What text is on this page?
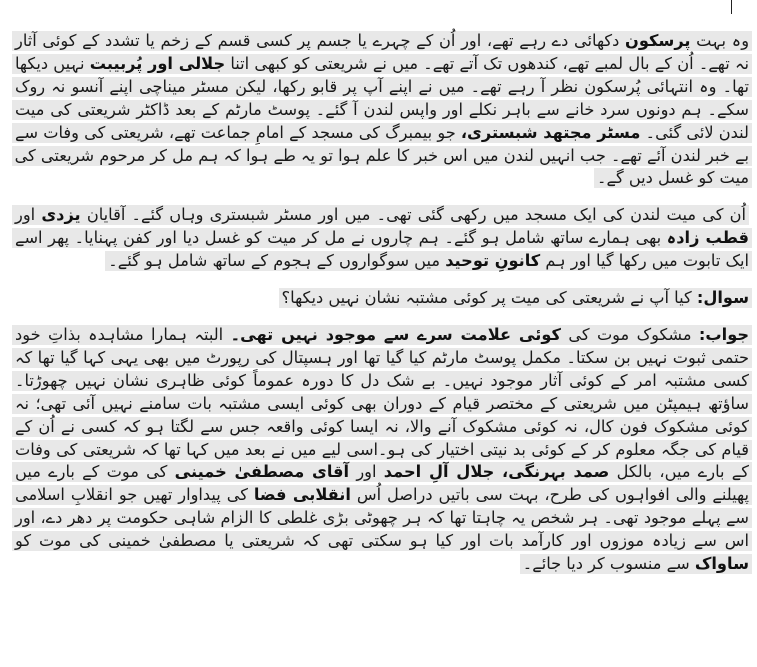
وہ بہت پرسکون دکھائی دے رہے تھے، اور اُن کے چہرے یا جسم پر کسی قسم کے زخم یا تشدد کے کوئی آثار نہ تھے۔ اُن کے بال لمبے تھے، کندھوں تک آتے تھے۔ میں نے شریعتی کو کبھی اتنا جلالی اور پُربیبت نہیں دیکھا تھا۔ وہ انتہائی پُرسکون نظر آ رہے تھے۔ میں نے اپنے آپ پر قابو رکھا، لیکن مسٹر میناچی اپنے آنسو نہ روک سکے۔ ہم دونوں سرد خانے سے باہر نکلے اور واپس لندن آ گئے۔ پوسٹ مارٹم کے بعد ڈاکٹر شریعتی کی میت لندن لائی گئی۔ مسٹر مجتهد شبستری، جو بیمبرگ کی مسجد کے امامِ جماعت تھے، شریعتی کی وفات سے بے خبر لندن آئے تھے۔ جب انہیں لندن میں اس خبر کا علم ہوا تو یہ طے ہوا کہ ہم مل کر مرحوم شریعتی کی میت کو غسل دیں گے۔

اُن کی میت لندن کی ایک مسجد میں رکھی گئی تھی۔ میں اور مسٹر شبستری وہاں گئے۔ آقایان یزدی اور قطب زادہ بھی ہمارے ساتھ شامل ہو گئے۔ ہم چاروں نے مل کر میت کو غسل دیا اور کفن پہنایا۔ پھر اسے ایک تابوت میں رکھا گیا اور ہم کانونِ توحید میں سوگواروں کے ہجوم کے ساتھ شامل ہو گئے۔

سوال: کیا آپ نے شریعتی کی میت پر کوئی مشتبہ نشان نہیں دیکھا؟

جواب: مشکوک موت کی کوئی علامت سرے سے موجود نہیں تھی۔ البتہ ہمارا مشاہدہ بذاتِ خود حتمی ثبوت نہیں بن سکتا۔ مکمل پوسٹ مارٹم کیا گیا تھا اور ہسپتال کی رپورٹ میں بھی یہی کہا گیا تھا کہ کسی مشتبہ امر کے کوئی آثار موجود نہیں۔ بے شک دل کا دورہ عموماً کوئی ظاہری نشان نہیں چھوڑتا۔ ساؤتھ ہیمپٹن میں شریعتی کے مختصر قیام کے دوران بھی کوئی ایسی مشتبہ بات سامنے نہیں آئی تھی؛ نہ کوئی مشکوک فون کال، نہ کوئی مشکوک آنے والا، نہ ایسا کوئی واقعہ جس سے لگتا ہو کہ کسی نے اُن کے قیام کی جگہ معلوم کر کے کوئی بد نیتی اختیار کی ہو۔اسی لیے میں نے بعد میں کہا تھا کہ شریعتی کی وفات کے بارے میں، بالکل صمد بہرنگی، جلال آلِ احمد اور آقای مصطفیٰ خمینی کی موت کے بارے میں پھیلنے والی افواہوں کی طرح، بہت سی باتیں دراصل اُس انقلابی فضا کی پیداوار تھیں جو انقلابِ اسلامی سے پہلے موجود تھی۔ ہر شخص یہ چاہتا تھا کہ ہر چھوٹی بڑی غلطی کا الزام شاہی حکومت پر دھر دے، اور اس سے زیادہ موزوں اور کارآمد بات اور کیا ہو سکتی تھی کہ شریعتی یا مصطفیٰ خمینی کی موت کو ساواک سے منسوب کر دیا جائے۔
